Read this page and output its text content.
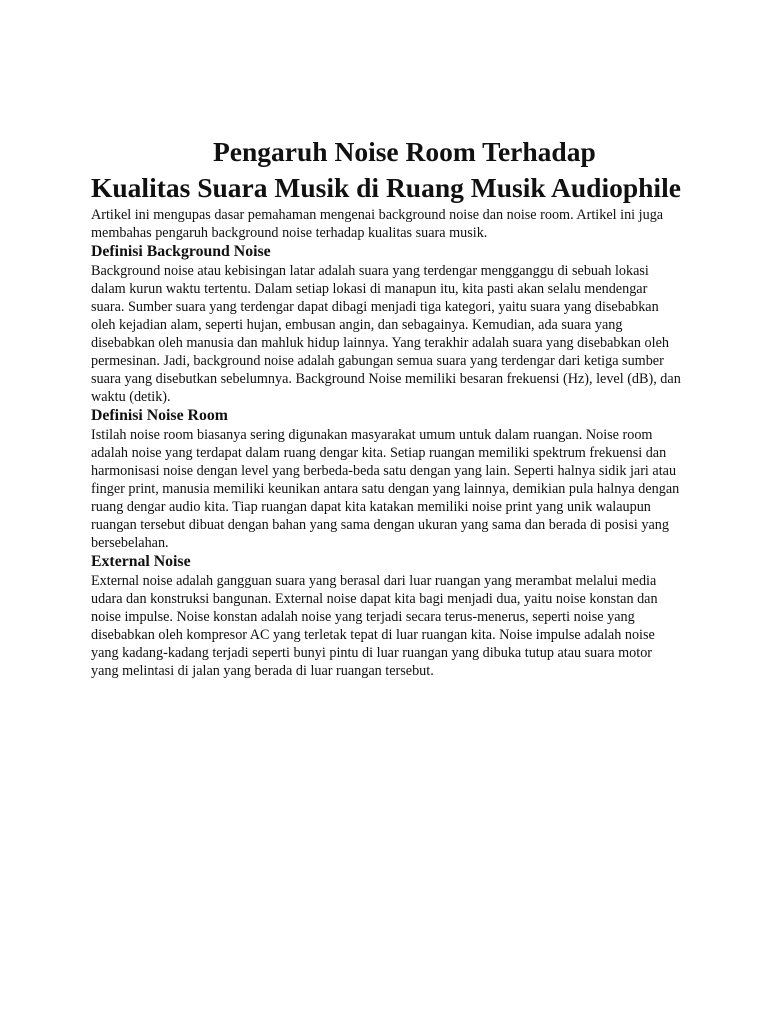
Pengaruh Noise Room Terhadap Kualitas Suara Musik di Ruang Musik Audiophile

Artikel ini mengupas dasar pemahaman mengenai background noise dan noise room. Artikel ini juga membahas pengaruh background noise terhadap kualitas suara musik.

Definisi Background Noise

Background noise atau kebisingan latar adalah suara yang terdengar mengganggu di sebuah lokasi dalam kurun waktu tertentu. Dalam setiap lokasi di manapun itu, kita pasti akan selalu mendengar suara. Sumber suara yang terdengar dapat dibagi menjadi tiga kategori, yaitu suara yang disebabkan oleh kejadian alam, seperti hujan, embusan angin, dan sebagainya. Kemudian, ada suara yang disebabkan oleh manusia dan mahluk hidup lainnya. Yang terakhir adalah suara yang disebabkan oleh permesinan. Jadi, background noise adalah gabungan semua suara yang terdengar dari ketiga sumber suara yang disebutkan sebelumnya. Background Noise memiliki besaran frekuensi (Hz), level (dB), dan waktu (detik).

Definisi Noise Room

Istilah noise room biasanya sering digunakan masyarakat umum untuk dalam ruangan. Noise room adalah noise yang terdapat dalam ruang dengar kita. Setiap ruangan memiliki spektrum frekuensi dan harmonisasi noise dengan level yang berbeda-beda satu dengan yang lain. Seperti halnya sidik jari atau finger print, manusia memiliki keunikan antara satu dengan yang lainnya, demikian pula halnya dengan ruang dengar audio kita. Tiap ruangan dapat kita katakan memiliki noise print yang unik walaupun ruangan tersebut dibuat dengan bahan yang sama dengan ukuran yang sama dan berada di posisi yang bersebelahan.

External Noise

External noise adalah gangguan suara yang berasal dari luar ruangan yang merambat melalui media udara dan konstruksi bangunan. External noise dapat kita bagi menjadi dua, yaitu noise konstan dan noise impulse. Noise konstan adalah noise yang terjadi secara terus-menerus, seperti noise yang disebabkan oleh kompresor AC yang terletak tepat di luar ruangan kita. Noise impulse adalah noise yang kadang-kadang terjadi seperti bunyi pintu di luar ruangan yang dibuka tutup atau suara motor yang melintasi di jalan yang berada di luar ruangan tersebut.
